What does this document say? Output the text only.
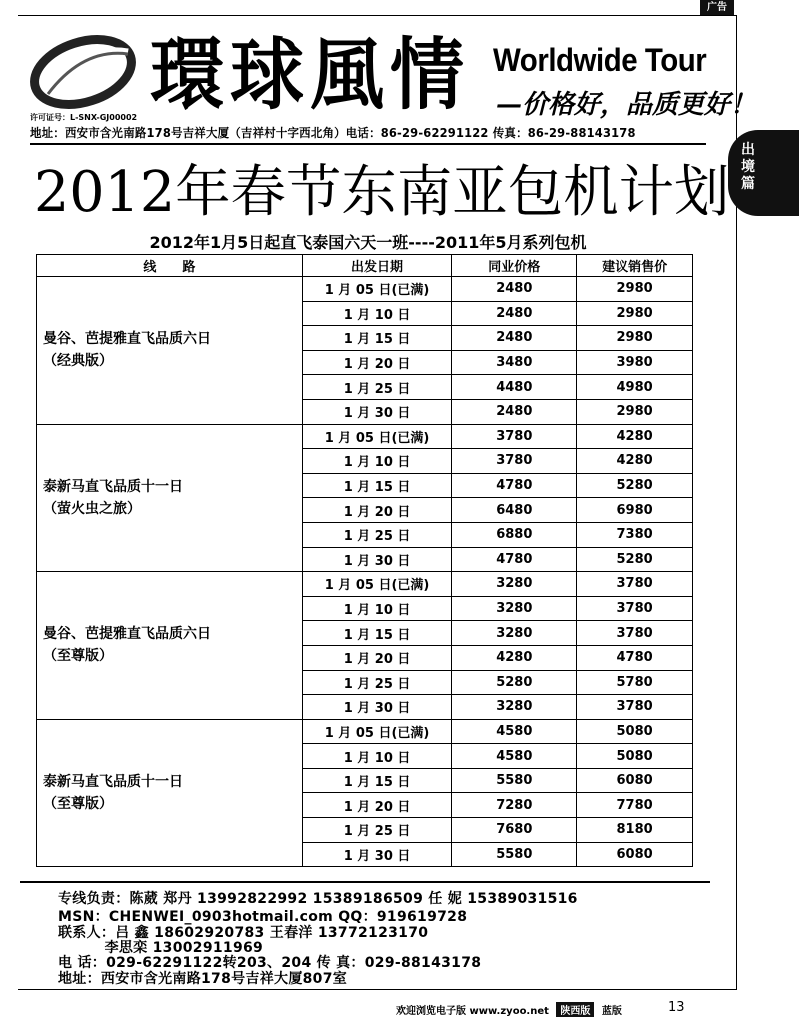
广告
出境篇
環球風情 Worldwide Tour
—价格好，品质更好！
许可证号：L-SNX-GJ00002
地址：西安市含光南路178号吉祥大厦（吉祥村十字西北角）电话：86-29-62291122 传真：86-29-88143178
2012年春节东南亚包机计划
2012年1月5日起直飞泰国六天一班----2011年5月系列包机
线　　路	出发日期	同业价格	建议销售价

曼谷、芭提雅直飞品质六日
（经典版）	1 月 05 日(已满)	2480	2980
	1 月 10 日	2480	2980
	1 月 15 日	2480	2980
	1 月 20 日	3480	3980
	1 月 25 日	4480	4980
	1 月 30 日	2480	2980

泰新马直飞品质十一日
（萤火虫之旅）	1 月 05 日(已满)	3780	4280
	1 月 10 日	3780	4280
	1 月 15 日	4780	5280
	1 月 20 日	6480	6980
	1 月 25 日	6880	7380
	1 月 30 日	4780	5280

曼谷、芭提雅直飞品质六日
（至尊版）	1 月 05 日(已满)	3280	3780
	1 月 10 日	3280	3780
	1 月 15 日	3280	3780
	1 月 20 日	4280	4780
	1 月 25 日	5280	5780
	1 月 30 日	3280	3780

泰新马直飞品质十一日
（至尊版）	1 月 05 日(已满)	4580	5080
	1 月 10 日	4580	5080
	1 月 15 日	5580	6080
	1 月 20 日	7280	7780
	1 月 25 日	7680	8180
	1 月 30 日	5580	6080
专线负责：陈葳 郑丹 13992822992 15389186509 任 妮 15389031516
MSN：CHENWEI_0903hotmail.com QQ：919619728
联系人：吕 鑫 18602920783 王春洋 13772123170
李思栾 13002911969
电 话：029-62291122转203、204 传 真：029-88143178
地址：西安市含光南路178号吉祥大厦807室
欢迎浏览电子版 www.zyoo.net 陕西版 蓝版	13
